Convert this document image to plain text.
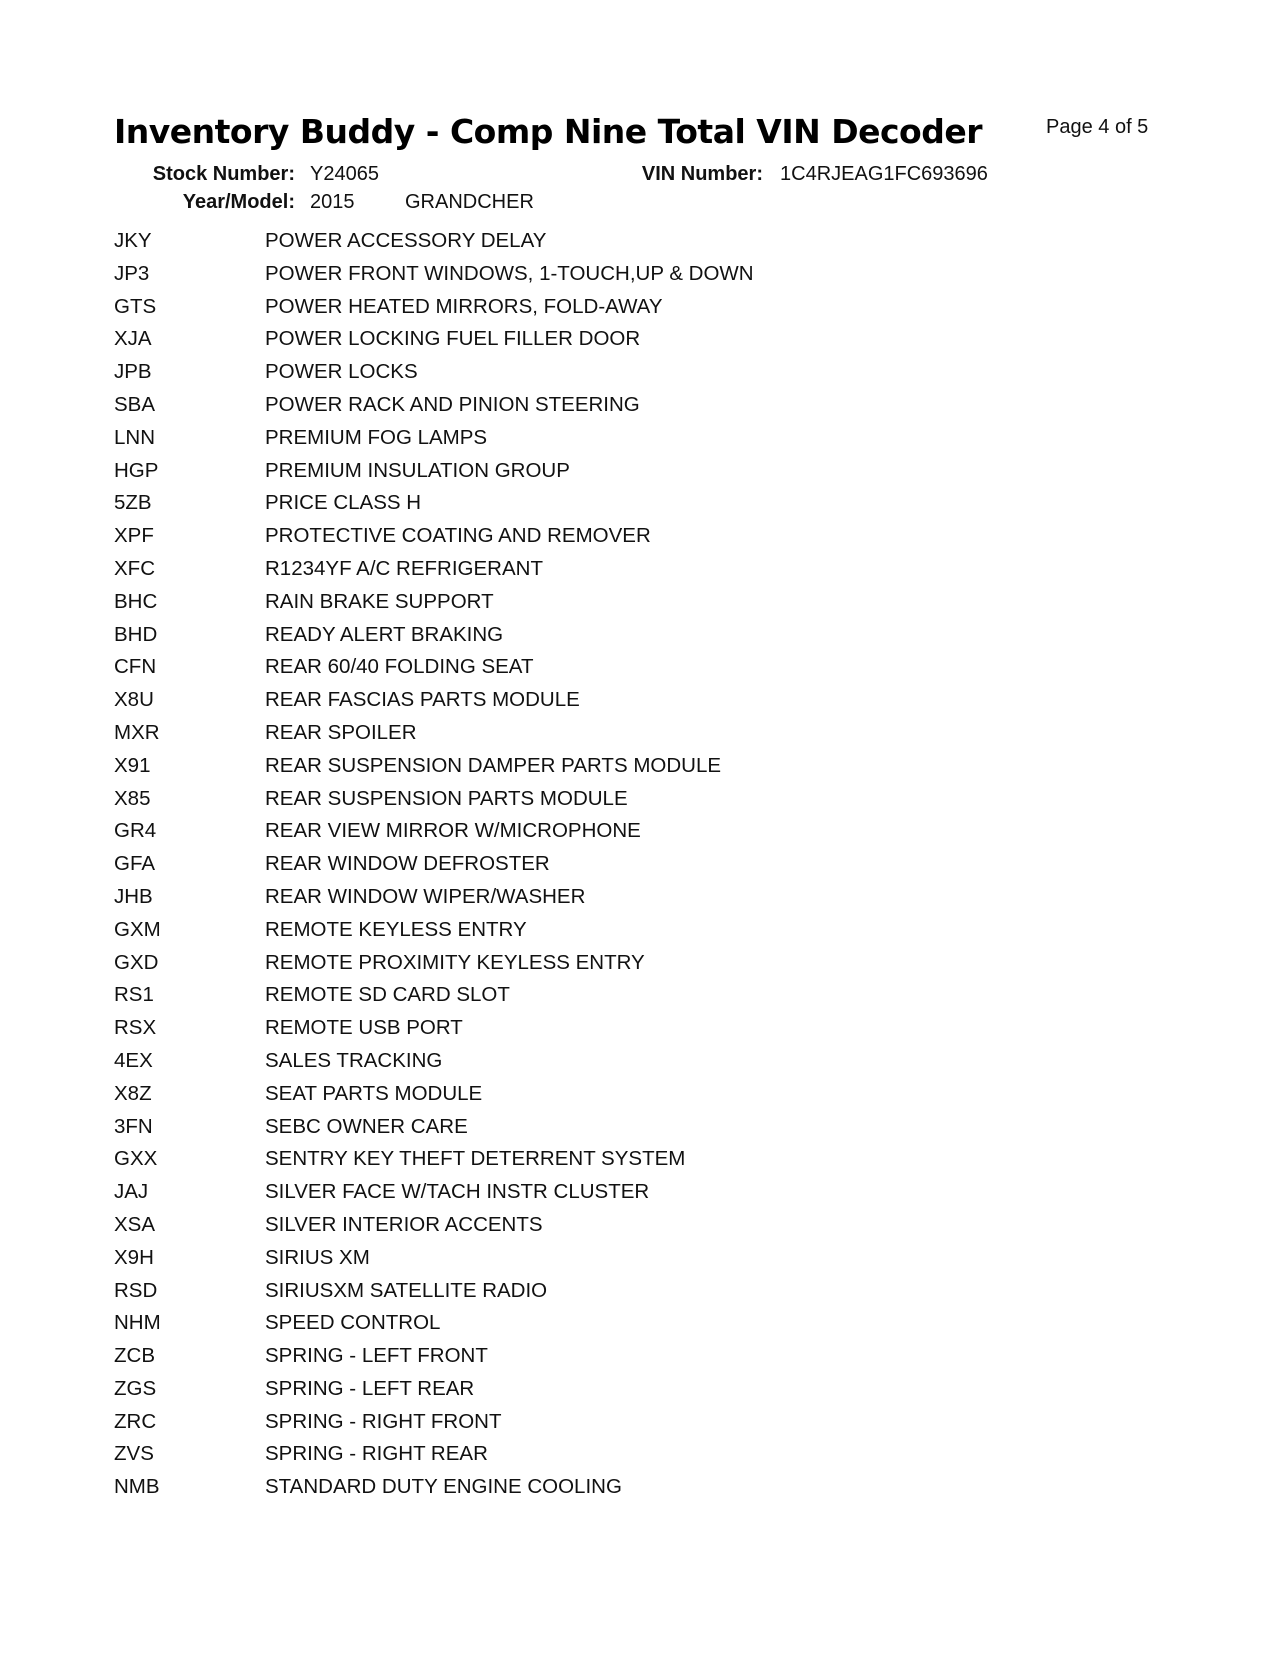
Inventory Buddy - Comp Nine Total VIN Decoder	Page 4 of 5
Stock Number: Y24065	VIN Number: 1C4RJEAG1FC693696
Year/Model: 2015	GRANDCHER
JKY	POWER ACCESSORY DELAY
JP3	POWER FRONT WINDOWS, 1-TOUCH,UP & DOWN
GTS	POWER HEATED MIRRORS, FOLD-AWAY
XJA	POWER LOCKING FUEL FILLER DOOR
JPB	POWER LOCKS
SBA	POWER RACK AND PINION STEERING
LNN	PREMIUM FOG LAMPS
HGP	PREMIUM INSULATION GROUP
5ZB	PRICE CLASS H
XPF	PROTECTIVE COATING AND REMOVER
XFC	R1234YF A/C REFRIGERANT
BHC	RAIN BRAKE SUPPORT
BHD	READY ALERT BRAKING
CFN	REAR 60/40 FOLDING SEAT
X8U	REAR FASCIAS PARTS MODULE
MXR	REAR SPOILER
X91	REAR SUSPENSION DAMPER PARTS MODULE
X85	REAR SUSPENSION PARTS MODULE
GR4	REAR VIEW MIRROR W/MICROPHONE
GFA	REAR WINDOW DEFROSTER
JHB	REAR WINDOW WIPER/WASHER
GXM	REMOTE KEYLESS ENTRY
GXD	REMOTE PROXIMITY KEYLESS ENTRY
RS1	REMOTE SD CARD SLOT
RSX	REMOTE USB PORT
4EX	SALES TRACKING
X8Z	SEAT PARTS MODULE
3FN	SEBC OWNER CARE
GXX	SENTRY KEY THEFT DETERRENT SYSTEM
JAJ	SILVER FACE W/TACH INSTR CLUSTER
XSA	SILVER INTERIOR ACCENTS
X9H	SIRIUS XM
RSD	SIRIUSXM SATELLITE RADIO
NHM	SPEED CONTROL
ZCB	SPRING - LEFT FRONT
ZGS	SPRING - LEFT REAR
ZRC	SPRING - RIGHT FRONT
ZVS	SPRING - RIGHT REAR
NMB	STANDARD DUTY ENGINE COOLING
